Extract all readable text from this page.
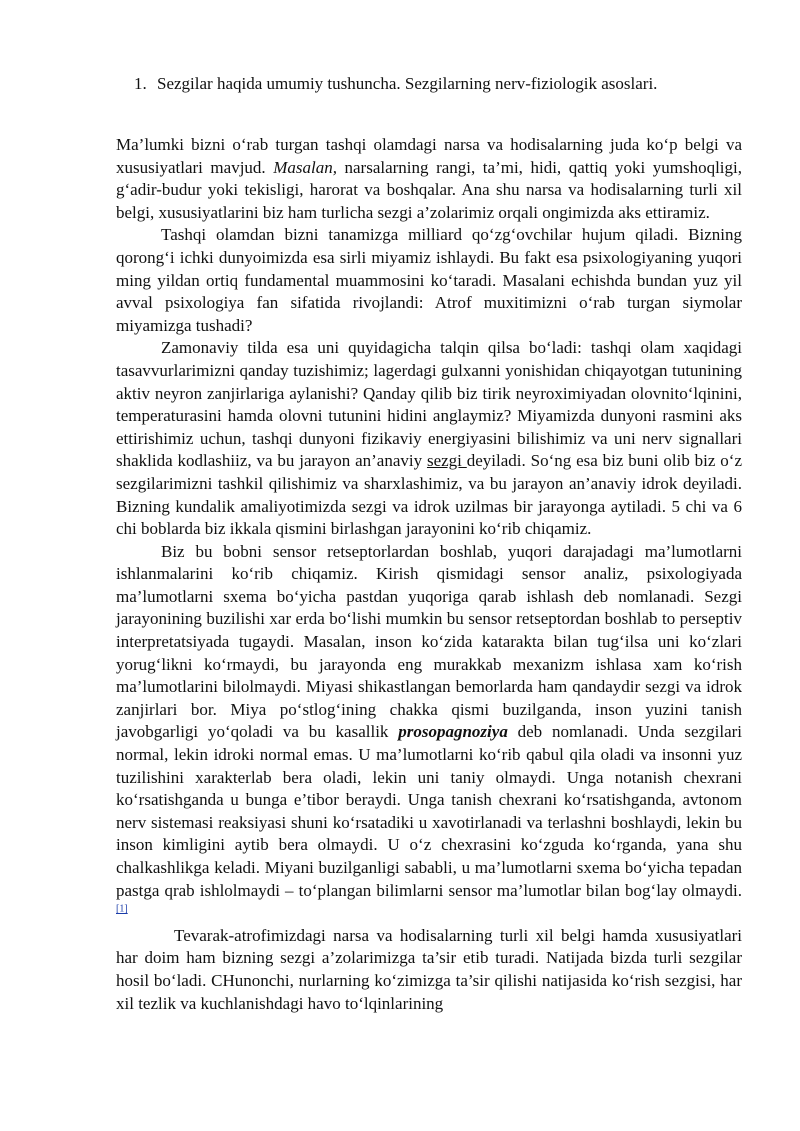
1. Sezgilar haqida umumiy tushuncha. Sezgilarning nerv-fiziologik asoslari.

Ma’lumki bizni o‘rab turgan tashqi olamdagi narsa va hodisalarning juda ko‘p belgi va xususiyatlari mavjud. Masalan, narsalarning rangi, ta’mi, hidi, qattiq yoki yumshoqligi, g‘adir-budur yoki tekisligi, harorat va boshqalar. Ana shu narsa va hodisalarning turli xil belgi, xususiyatlarini biz ham turlicha sezgi a’zolarimiz orqali ongimizda aks ettiramiz.

Tashqi olamdan bizni tanamizga milliard qo‘zg‘ovchilar hujum qiladi. Bizning qorong‘i ichki dunyoimizda esa sirli miyamiz ishlaydi. Bu fakt esa psixologiyaning yuqori ming yildan ortiq fundamental muammosini ko‘taradi. Masalani echishda bundan yuz yil avval psixologiya fan sifatida rivojlandi: Atrof muxitimizni o‘rab turgan siymolar miyamizga tushadi?

Zamonaviy tilda esa uni quyidagicha talqin qilsa bo‘ladi: tashqi olam xaqidagi tasavvurlarimizni qanday tuzishimiz; lagerdagi gulxanni yonishidan chiqayotgan tutunining aktiv neyron zanjirlariga aylanishi? Qanday qilib biz tirik neyroximiyadan olovnito‘lqinini, temperaturasini hamda olovni tutunini hidini anglaymiz? Miyamizda dunyoni rasmini aks ettirishimiz uchun, tashqi dunyoni fizikaviy energiyasini bilishimiz va uni nerv signallari shaklida kodlashiiz, va bu jarayon an’anaviy sezgi deyiladi. So‘ng esa biz buni olib biz o‘z sezgilarimizni tashkil qilishimiz va sharxlashimiz, va bu jarayon an’anaviy idrok deyiladi. Bizning kundalik amaliyotimizda sezgi va idrok uzilmas bir jarayonga aytiladi. 5 chi va 6 chi boblarda biz ikkala qismini birlashgan jarayonini ko‘rib chiqamiz.

Biz bu bobni sensor retseptorlardan boshlab, yuqori darajadagi ma’lumotlarni ishlanmalarini ko‘rib chiqamiz. Kirish qismidagi sensor analiz, psixologiyada ma’lumotlarni sxema bo‘yicha pastdan yuqoriga qarab ishlash deb nomlanadi. Sezgi jarayonining buzilishi xar erda bo‘lishi mumkin bu sensor retseptordan boshlab to perseptiv interpretatsiyada tugaydi. Masalan, inson ko‘zida kataraktа bilan tug‘ilsa uni ko‘zlari yorug‘likni ko‘rmaydi, bu jarayonda eng murakkab mexanizm ishlasa xam ko‘rish ma’lumotlarini bilolmaydi. Miyasi shikastlangan bemorlarda ham qandaydir sezgi va idrok zanjirlari bor. Miya po‘stlog‘ining chakka qismi buzilganda, inson yuzini tanish javobgarligi yo‘qoladi va bu kasallik prosopagnoziya deb nomlanadi. Unda sezgilari normal, lekin idroki normal emas. U ma’lumotlarni ko‘rib qabul qila oladi va insonni yuz tuzilishini xarakterlab bera oladi, lekin uni taniy olmaydi. Unga notanish chexrani ko‘rsatishganda u bunga e’tibor beraydi. Unga tanish chexrani ko‘rsatishganda, avtonom nerv sistemasi reaksiyasi shuni ko‘rsatadiki u xavotirlanadi va terlashni boshlaydi, lekin bu inson kimligini aytib bera olmaydi. U o‘z chexrasini ko‘zguda ko‘rganda, yana shu chalkashlikga keladi. Miyani buzilganligi sababli, u ma’lumotlarni sxema bo‘yicha tepadan pastga qrab ishlolmaydi – to‘plangan bilimlarni sensor ma’lumotlar bilan bog‘lay olmaydi. [1]

Tevarak-atrofimizdagi narsa va hodisalarning turli xil belgi hamda xususiyatlari har doim ham bizning sezgi a’zolarimizga ta’sir etib turadi. Natijada bizda turli sezgilar hosil bo‘ladi. CHunonchi, nurlarning ko‘zimizga ta’sir qilishi natijasida ko‘rish sezgisi, har xil tezlik va kuchlanishdagi havo to‘lqinlarining
